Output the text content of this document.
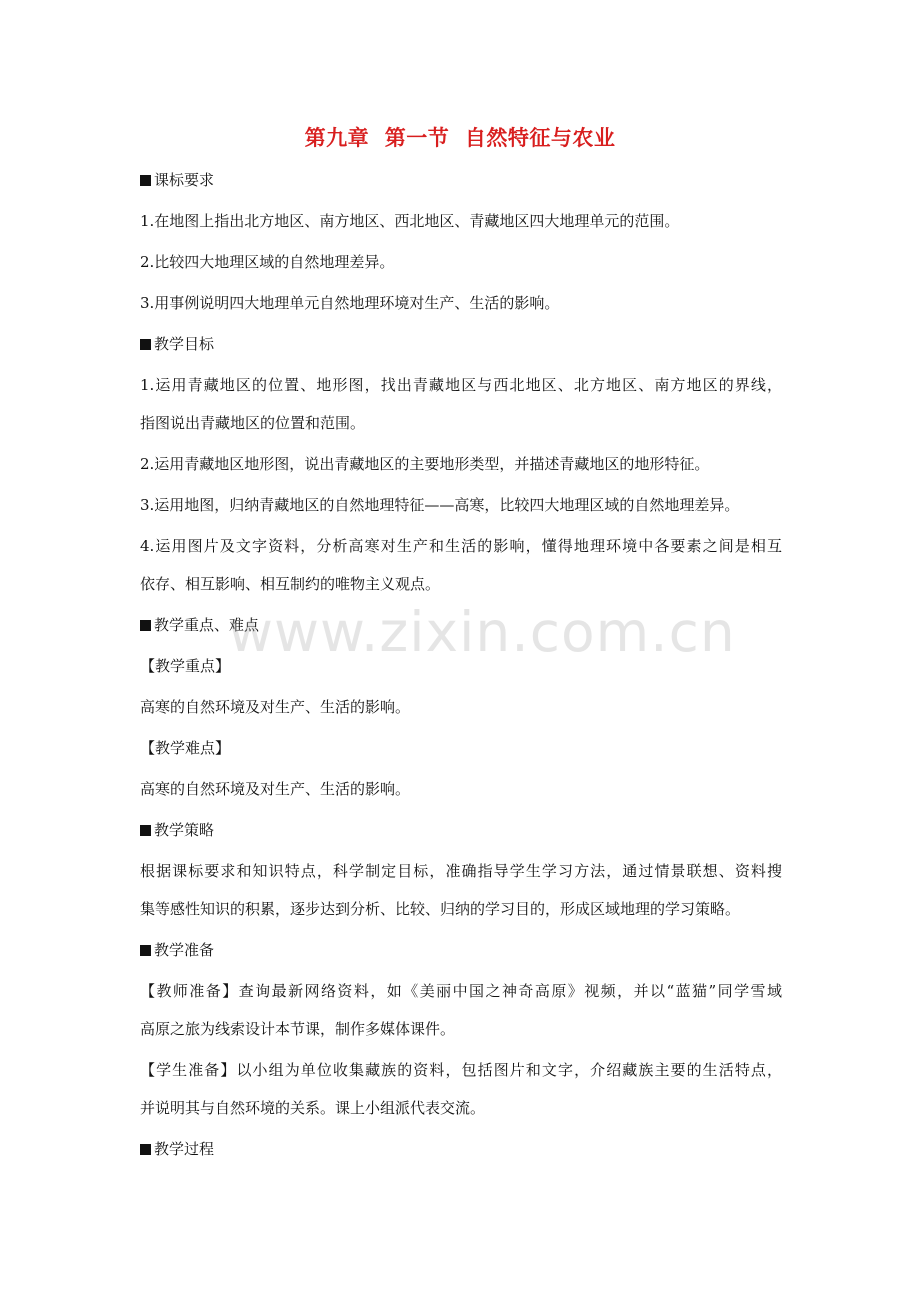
第九章  第一节  自然特征与农业
课标要求
1.在地图上指出北方地区、南方地区、西北地区、青藏地区四大地理单元的范围。
2.比较四大地理区域的自然地理差异。
3.用事例说明四大地理单元自然地理环境对生产、生活的影响。
教学目标
1.运用青藏地区的位置、地形图，找出青藏地区与西北地区、北方地区、南方地区的界线，
指图说出青藏地区的位置和范围。
2.运用青藏地区地形图，说出青藏地区的主要地形类型，并描述青藏地区的地形特征。
3.运用地图，归纳青藏地区的自然地理特征——高寒，比较四大地理区域的自然地理差异。
4.运用图片及文字资料，分析高寒对生产和生活的影响，懂得地理环境中各要素之间是相互
依存、相互影响、相互制约的唯物主义观点。
教学重点、难点
【教学重点】
高寒的自然环境及对生产、生活的影响。
【教学难点】
高寒的自然环境及对生产、生活的影响。
教学策略
根据课标要求和知识特点，科学制定目标，准确指导学生学习方法，通过情景联想、资料搜
集等感性知识的积累，逐步达到分析、比较、归纳的学习目的，形成区域地理的学习策略。
教学准备
【教师准备】查询最新网络资料，如《美丽中国之神奇高原》视频，并以“蓝猫”同学雪域
高原之旅为线索设计本节课，制作多媒体课件。
【学生准备】以小组为单位收集藏族的资料，包括图片和文字，介绍藏族主要的生活特点，
并说明其与自然环境的关系。课上小组派代表交流。
教学过程
www.zixin.com.cn
